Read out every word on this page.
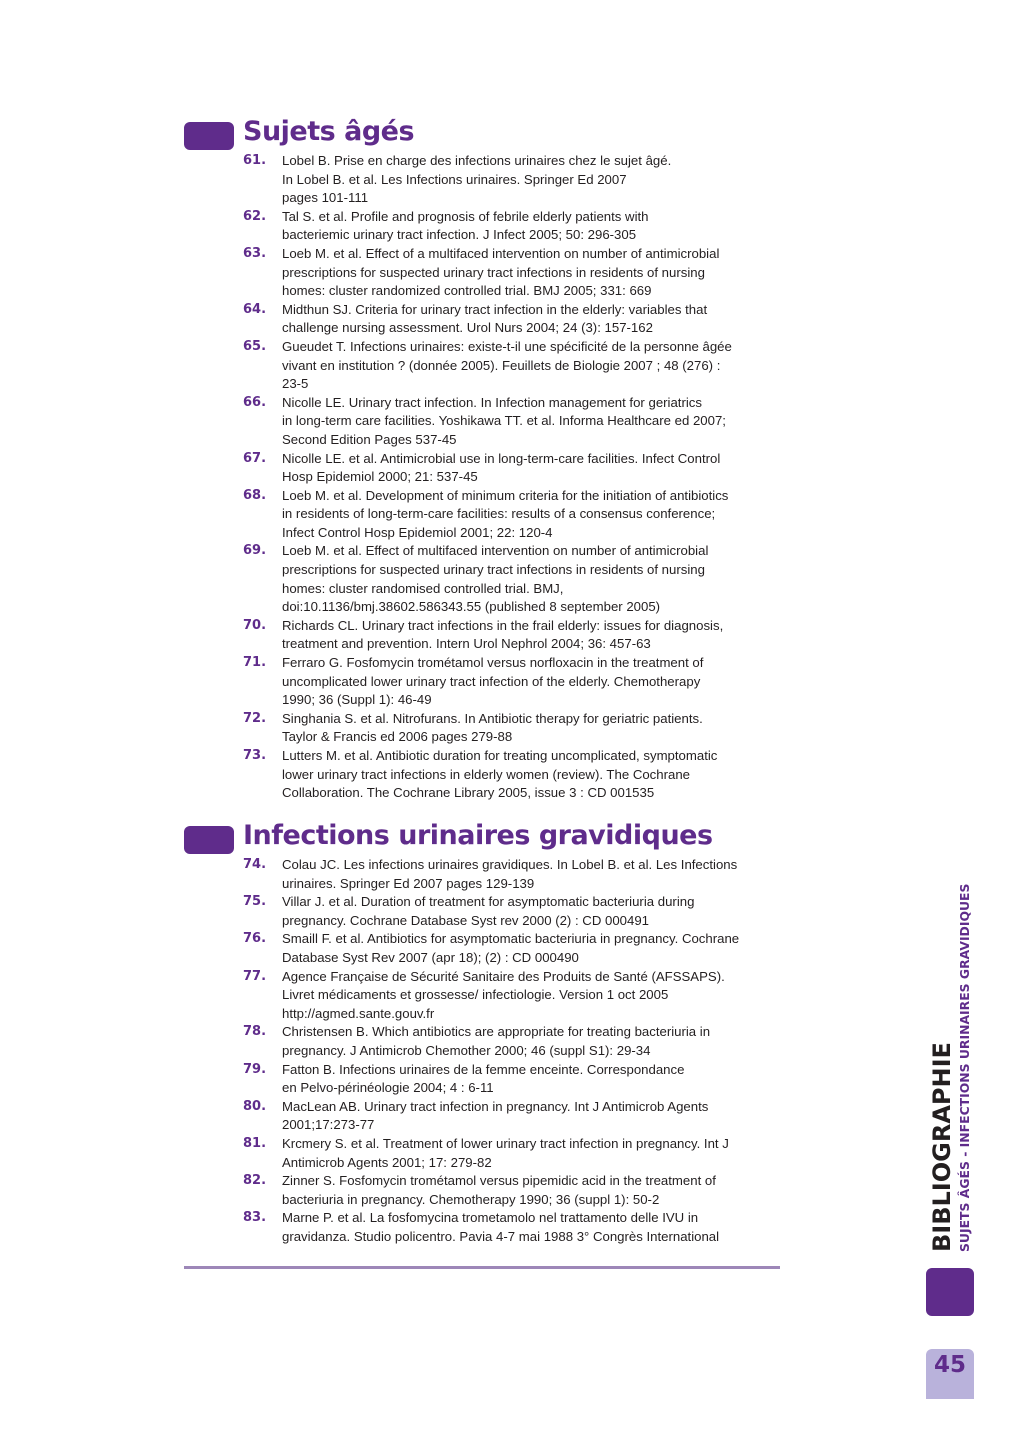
Sujets âgés
61. Lobel B. Prise en charge des infections urinaires chez le sujet âgé.
In Lobel B. et al. Les Infections urinaires. Springer Ed 2007
pages 101-111
62. Tal S. et al. Profile and prognosis of febrile elderly patients with
bacteriemic urinary tract infection. J Infect 2005; 50: 296-305
63. Loeb M. et al. Effect of a multifaced intervention on number of antimicrobial
prescriptions for suspected urinary tract infections in residents of nursing
homes: cluster randomized controlled trial. BMJ 2005; 331: 669
64. Midthun SJ. Criteria for urinary tract infection in the elderly: variables that
challenge nursing assessment. Urol Nurs 2004; 24 (3): 157-162
65. Gueudet T. Infections urinaires: existe-t-il une spécificité de la personne âgée
vivant en institution ? (donnée 2005). Feuillets de Biologie 2007 ; 48 (276) :
23-5
66. Nicolle LE. Urinary tract infection. In Infection management for geriatrics
in long-term care facilities. Yoshikawa TT. et al. Informa Healthcare ed 2007;
Second Edition Pages 537-45
67. Nicolle LE. et al. Antimicrobial use in long-term-care facilities. Infect Control
Hosp Epidemiol 2000; 21: 537-45
68. Loeb M. et al. Development of minimum criteria for the initiation of antibiotics
in residents of long-term-care facilities: results of a consensus conference;
Infect Control Hosp Epidemiol 2001; 22: 120-4
69. Loeb M. et al. Effect of multifaced intervention on number of antimicrobial
prescriptions for suspected urinary tract infections in residents of nursing
homes: cluster randomised controlled trial. BMJ,
doi:10.1136/bmj.38602.586343.55 (published 8 september 2005)
70. Richards CL. Urinary tract infections in the frail elderly: issues for diagnosis,
treatment and prevention. Intern Urol Nephrol 2004; 36: 457-63
71. Ferraro G. Fosfomycin trométamol versus norfloxacin in the treatment of
uncomplicated lower urinary tract infection of the elderly. Chemotherapy
1990; 36 (Suppl 1): 46-49
72. Singhania S. et al. Nitrofurans. In Antibiotic therapy for geriatric patients.
Taylor & Francis ed 2006 pages 279-88
73. Lutters M. et al. Antibiotic duration for treating uncomplicated, symptomatic
lower urinary tract infections in elderly women (review). The Cochrane
Collaboration. The Cochrane Library 2005, issue 3 : CD 001535
Infections urinaires gravidiques
74. Colau JC. Les infections urinaires gravidiques. In Lobel B. et al. Les Infections
urinaires. Springer Ed 2007 pages 129-139
75. Villar J. et al. Duration of treatment for asymptomatic bacteriuria during
pregnancy. Cochrane Database Syst rev 2000 (2) : CD 000491
76. Smaill F. et al. Antibiotics for asymptomatic bacteriuria in pregnancy. Cochrane
Database Syst Rev 2007 (apr 18); (2) : CD 000490
77. Agence Française de Sécurité Sanitaire des Produits de Santé (AFSSAPS).
Livret médicaments et grossesse/ infectiologie. Version 1 oct 2005
http://agmed.sante.gouv.fr
78. Christensen B. Which antibiotics are appropriate for treating bacteriuria in
pregnancy. J Antimicrob Chemother 2000; 46 (suppl S1): 29-34
79. Fatton B. Infections urinaires de la femme enceinte. Correspondance
en Pelvo-périnéologie 2004; 4 : 6-11
80. MacLean AB. Urinary tract infection in pregnancy. Int J Antimicrob Agents
2001;17:273-77
81. Krcmery S. et al. Treatment of lower urinary tract infection in pregnancy. Int J
Antimicrob Agents 2001; 17: 279-82
82. Zinner S. Fosfomycin trométamol versus pipemidic acid in the treatment of
bacteriuria in pregnancy. Chemotherapy 1990; 36 (suppl 1): 50-2
83. Marne P. et al. La fosfomycina trometamolo nel trattamento delle IVU in
gravidanza. Studio policentro. Pavia 4-7 mai 1988 3° Congrès International	BIBLIOGRAPHIE SUJETS ÂGÉS - INFECTIONS URINAIRES GRAVIDIQUES
45
